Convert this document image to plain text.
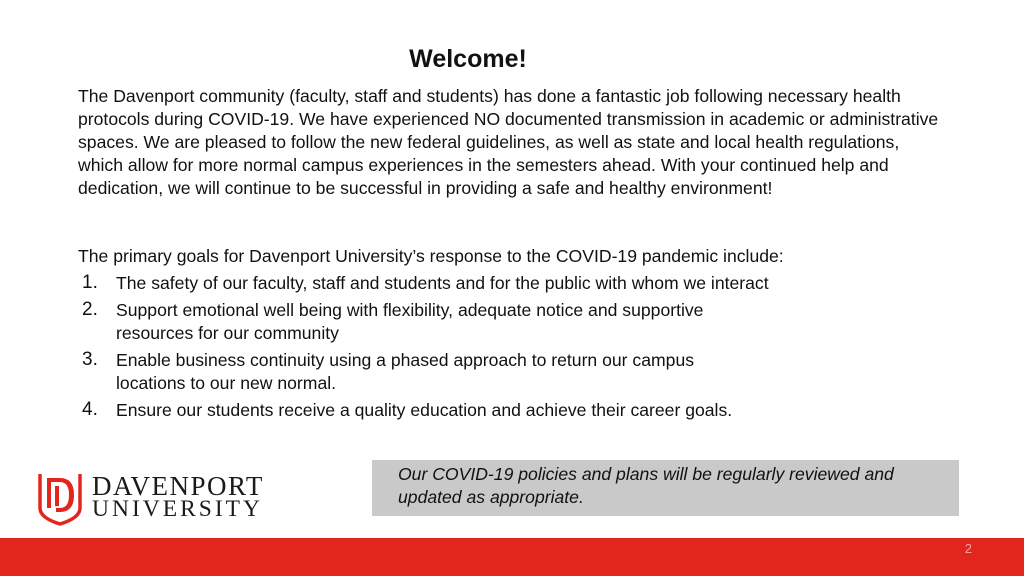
Welcome!

The Davenport community (faculty, staff and students) has done a fantastic job following necessary health protocols during COVID-19. We have experienced NO documented transmission in academic or administrative spaces. We are pleased to follow the new federal guidelines, as well as state and local health regulations, which allow for more normal campus experiences in the semesters ahead. With your continued help and dedication, we will continue to be successful in providing a safe and healthy environment!

The primary goals for Davenport University’s response to the COVID-19 pandemic include:

1. The safety of our faculty, staff and students and for the public with whom we interact
2. Support emotional well being with flexibility, adequate notice and supportive resources for our community
3. Enable business continuity using a phased approach to return our campus locations to our new normal.
4. Ensure our students receive a quality education and achieve their career goals.
DAVENPORT
UNIVERSITY
Our COVID-19 policies and plans will be regularly reviewed and updated as appropriate.
2
